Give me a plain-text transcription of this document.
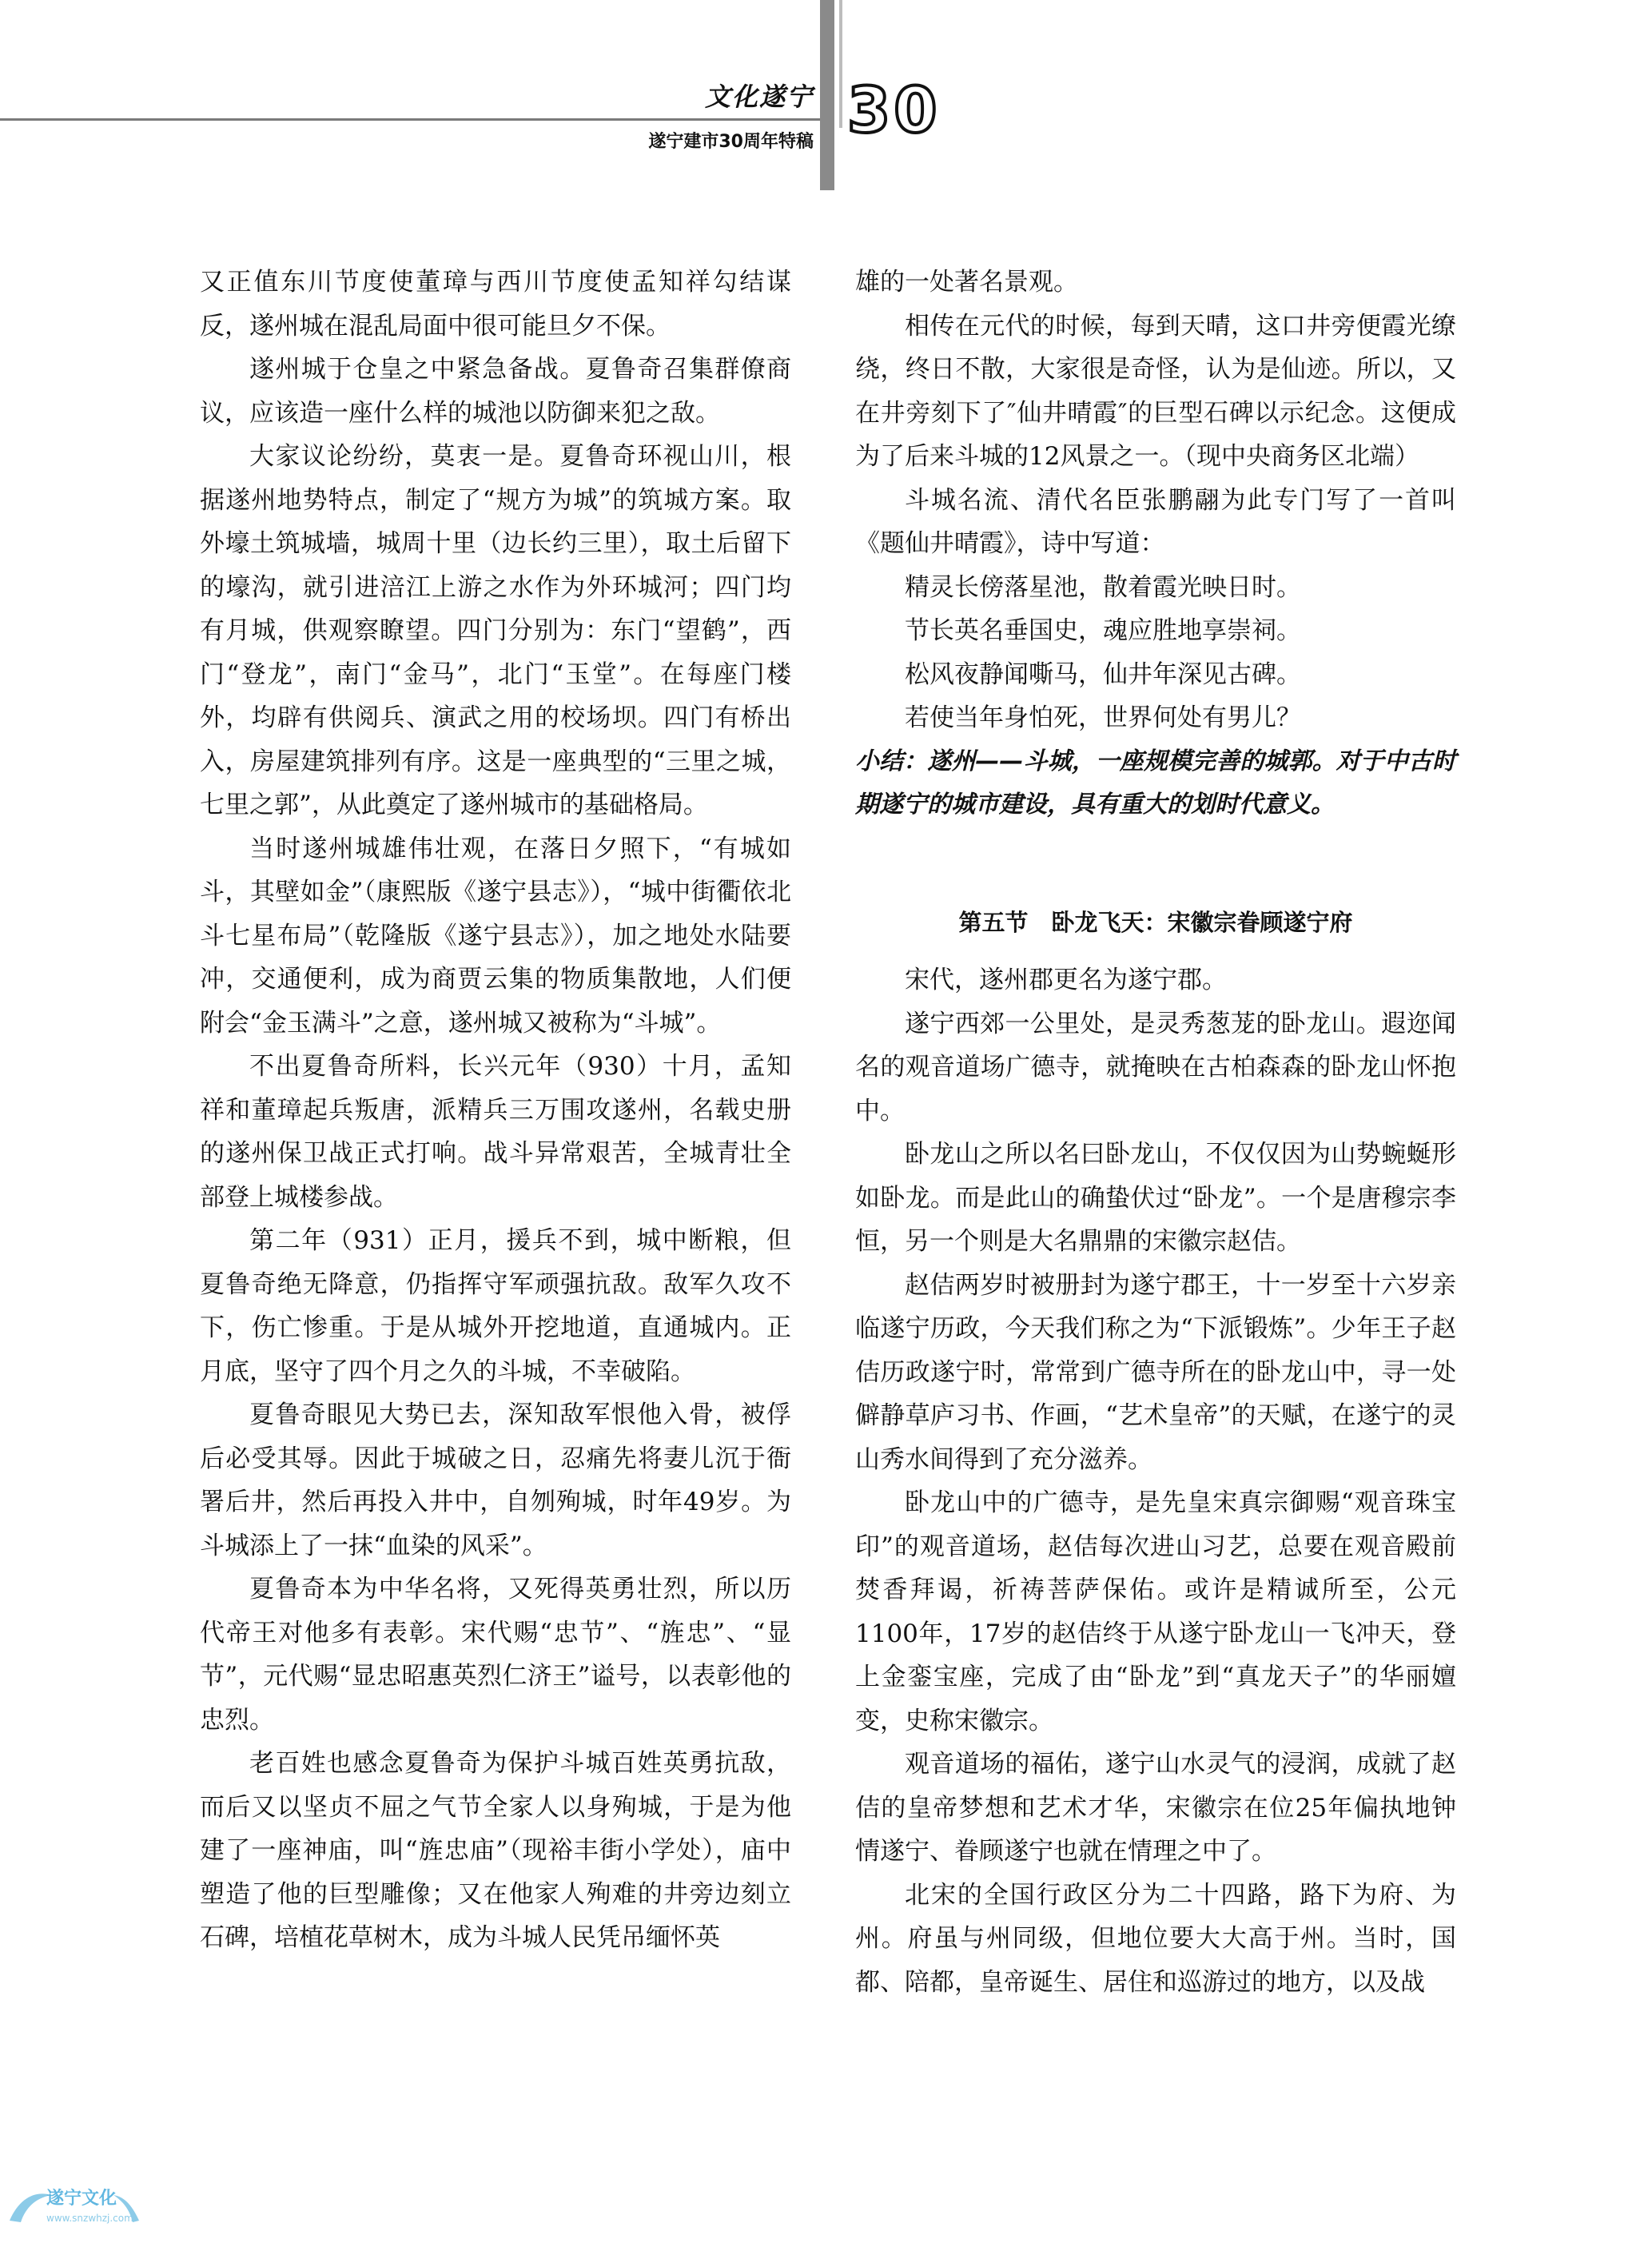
文化遂宁
遂宁建市30周年特稿 30

又正值东川节度使董璋与西川节度使孟知祥勾结谋反，遂州城在混乱局面中很可能旦夕不保。

遂州城于仓皇之中紧急备战。夏鲁奇召集群僚商议，应该造一座什么样的城池以防御来犯之敌。

大家议论纷纷，莫衷一是。夏鲁奇环视山川，根据遂州地势特点，制定了“规方为城”的筑城方案。取外壕土筑城墙，城周十里（边长约三里），取土后留下的壕沟，就引进涪江上游之水作为外环城河；四门均有月城，供观察瞭望。四门分别为：东门“望鹤”，西门“登龙”，南门“金马”，北门“玉堂”。在每座门楼外，均辟有供阅兵、演武之用的校场坝。四门有桥出入，房屋建筑排列有序。这是一座典型的“三里之城，七里之郭”，从此奠定了遂州城市的基础格局。

当时遂州城雄伟壮观，在落日夕照下，“有城如斗，其壁如金”（康熙版《遂宁县志》），“城中街衢依北斗七星布局”（乾隆版《遂宁县志》），加之地处水陆要冲，交通便利，成为商贾云集的物质集散地，人们便附会“金玉满斗”之意，遂州城又被称为“斗城”。

不出夏鲁奇所料，长兴元年（930）十月，孟知祥和董璋起兵叛唐，派精兵三万围攻遂州，名载史册的遂州保卫战正式打响。战斗异常艰苦，全城青壮全部登上城楼参战。

第二年（931）正月，援兵不到，城中断粮，但夏鲁奇绝无降意，仍指挥守军顽强抗敌。敌军久攻不下，伤亡惨重。于是从城外开挖地道，直通城内。正月底，坚守了四个月之久的斗城，不幸破陷。

夏鲁奇眼见大势已去，深知敌军恨他入骨，被俘后必受其辱。因此于城破之日，忍痛先将妻儿沉于衙署后井，然后再投入井中，自刎殉城，时年49岁。为斗城添上了一抹“血染的风采”。

夏鲁奇本为中华名将，又死得英勇壮烈，所以历代帝王对他多有表彰。宋代赐“忠节”、“旌忠”、“显节”，元代赐“显忠昭惠英烈仁济王”谥号，以表彰他的忠烈。

老百姓也感念夏鲁奇为保护斗城百姓英勇抗敌，而后又以坚贞不屈之气节全家人以身殉城，于是为他建了一座神庙，叫“旌忠庙”（现裕丰街小学处），庙中塑造了他的巨型雕像；又在他家人殉难的井旁边刻立石碑，培植花草树木，成为斗城人民凭吊缅怀英

雄的一处著名景观。

相传在元代的时候，每到天晴，这口井旁便霞光缭绕，终日不散，大家很是奇怪，认为是仙迹。所以，又在井旁刻下了″仙井晴霞″的巨型石碑以示纪念。这便成为了后来斗城的12风景之一。（现中央商务区北端）

斗城名流、清代名臣张鹏翮为此专门写了一首叫《题仙井晴霞》，诗中写道：

精灵长傍落星池，散着霞光映日时。

节长英名垂国史，魂应胜地享崇祠。

松风夜静闻嘶马，仙井年深见古碑。

若使当年身怕死，世界何处有男儿？

小结：遂州——斗城，一座规模完善的城郭。对于中古时期遂宁的城市建设，具有重大的划时代意义。

第五节　卧龙飞天：宋徽宗眷顾遂宁府

宋代，遂州郡更名为遂宁郡。

遂宁西郊一公里处，是灵秀葱茏的卧龙山。遐迩闻名的观音道场广德寺，就掩映在古柏森森的卧龙山怀抱中。

卧龙山之所以名曰卧龙山，不仅仅因为山势蜿蜒形如卧龙。而是此山的确蛰伏过“卧龙”。一个是唐穆宗李恒，另一个则是大名鼎鼎的宋徽宗赵佶。

赵佶两岁时被册封为遂宁郡王，十一岁至十六岁亲临遂宁历政，今天我们称之为“下派锻炼”。少年王子赵佶历政遂宁时，常常到广德寺所在的卧龙山中，寻一处僻静草庐习书、作画，“艺术皇帝”的天赋，在遂宁的灵山秀水间得到了充分滋养。

卧龙山中的广德寺，是先皇宋真宗御赐“观音珠宝印”的观音道场，赵佶每次进山习艺，总要在观音殿前焚香拜谒，祈祷菩萨保佑。或许是精诚所至，公元1100年，17岁的赵佶终于从遂宁卧龙山一飞冲天，登上金銮宝座，完成了由“卧龙”到“真龙天子”的华丽嬗变，史称宋徽宗。

观音道场的福佑，遂宁山水灵气的浸润，成就了赵佶的皇帝梦想和艺术才华，宋徽宗在位25年偏执地钟情遂宁、眷顾遂宁也就在情理之中了。

北宋的全国行政区分为二十四路，路下为府、为州。府虽与州同级，但地位要大大高于州。当时，国都、陪都，皇帝诞生、居住和巡游过的地方，以及战

遂宁文化
www.snzwhzj.com
